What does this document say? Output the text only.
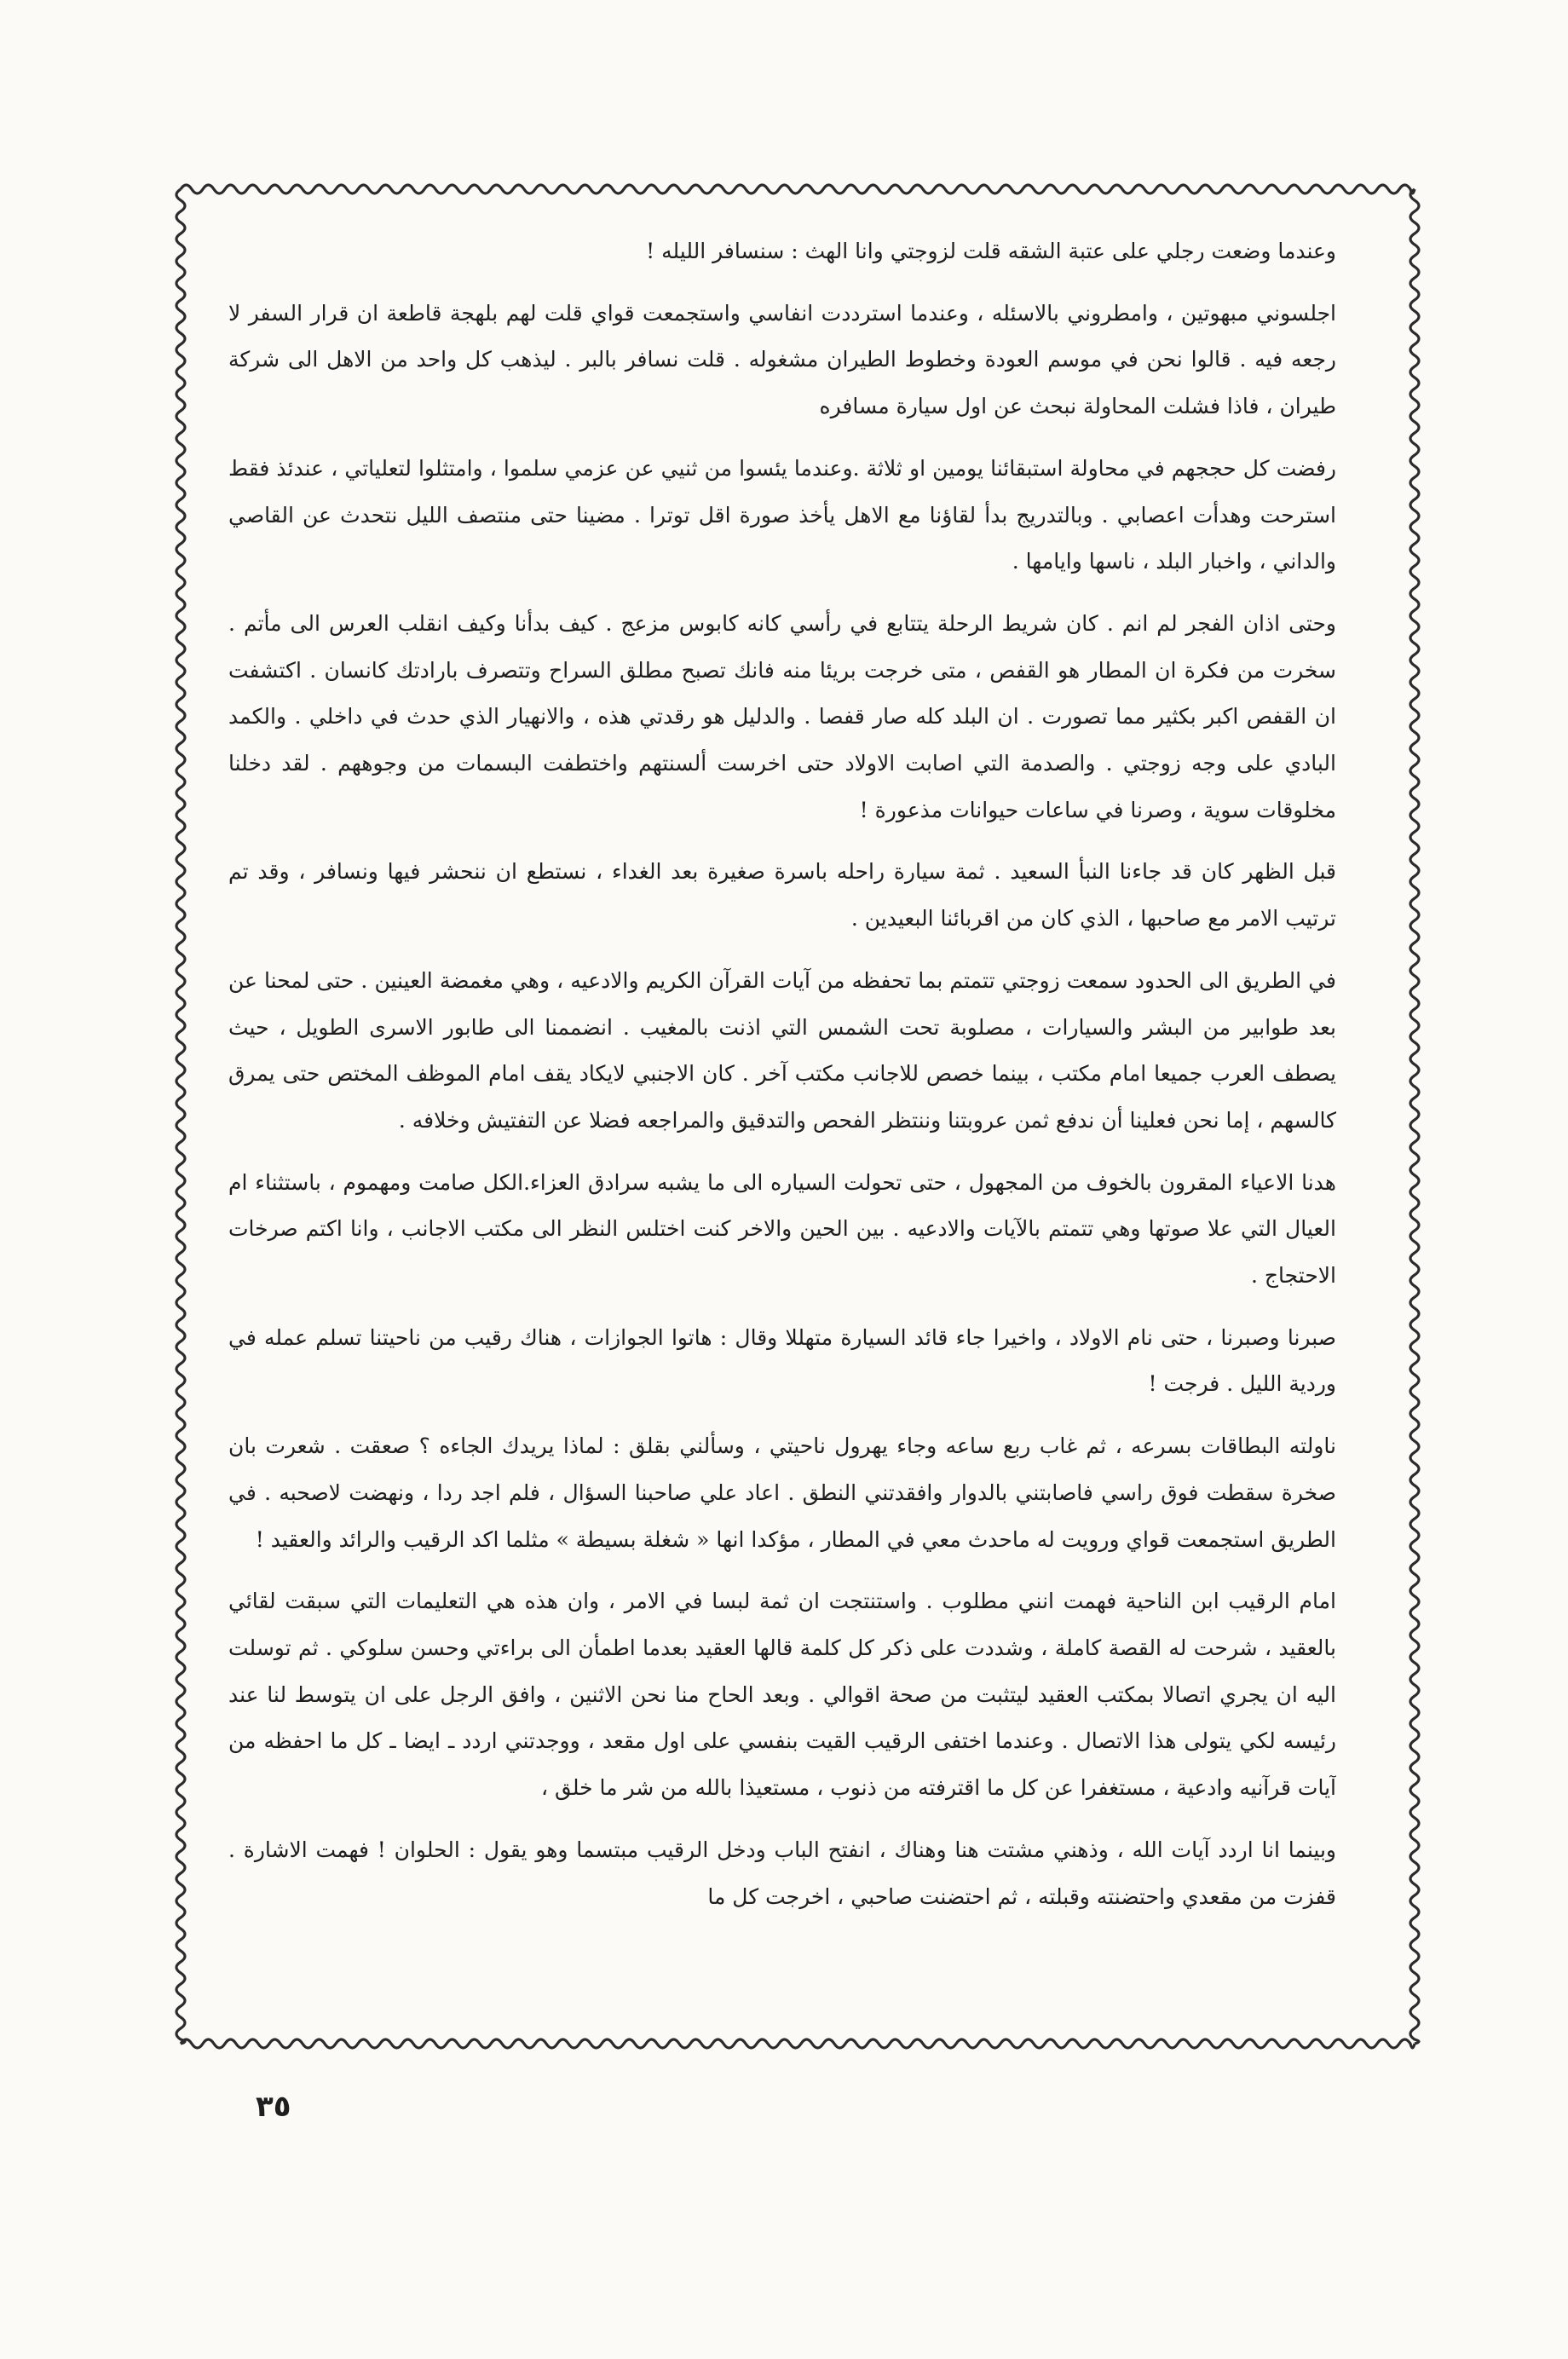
وعندما وضعت رجلي على عتبة الشقه قلت لزوجتي وانا الهث : سنسافر الليله !

اجلسوني مبهوتين ، وامطروني بالاسئله ، وعندما استرددت انفاسي واستجمعت قواي قلت لهم بلهجة قاطعة ان قرار السفر لا رجعه فيه . قالوا نحن في موسم العودة وخطوط الطيران مشغوله . قلت نسافر بالبر . ليذهب كل واحد من الاهل الى شركة طيران ، فاذا فشلت المحاولة نبحث عن اول سيارة مسافره

رفضت كل حججهم في محاولة استبقائنا يومين او ثلاثة .وعندما يئسوا من ثنيي عن عزمي سلموا ، وامتثلوا لتعلياتي ، عندئذ فقط استرحت وهدأت اعصابي . وبالتدريج بدأ لقاؤنا مع الاهل يأخذ صورة اقل توترا . مضينا حتى منتصف الليل نتحدث عن القاصي والداني ، واخبار البلد ، ناسها وايامها .

وحتى اذان الفجر لم انم . كان شريط الرحلة يتتابع في رأسي كانه كابوس مزعج . كيف بدأنا وكيف انقلب العرس الى مأتم . سخرت من فكرة ان المطار هو القفص ، متى خرجت بريئا منه فانك تصبح مطلق السراح وتتصرف بارادتك كانسان . اكتشفت ان القفص اكبر بكثير مما تصورت . ان البلد كله صار قفصا . والدليل هو رقدتي هذه ، والانهيار الذي حدث في داخلي . والكمد البادي على وجه زوجتي . والصدمة التي اصابت الاولاد حتى اخرست ألسنتهم واختطفت البسمات من وجوههم . لقد دخلنا مخلوقات سوية ، وصرنا في ساعات حيوانات مذعورة !

قبل الظهر كان قد جاءنا النبأ السعيد . ثمة سيارة راحله باسرة صغيرة بعد الغداء ، نستطع ان ننحشر فيها ونسافر ، وقد تم ترتيب الامر مع صاحبها ، الذي كان من اقربائنا البعيدين .

في الطريق الى الحدود سمعت زوجتي تتمتم بما تحفظه من آيات القرآن الكريم والادعيه ، وهي مغمضة العينين . حتى لمحنا عن بعد طوابير من البشر والسيارات ، مصلوبة تحت الشمس التي اذنت بالمغيب . انضممنا الى طابور الاسرى الطويل ، حيث يصطف العرب جميعا امام مكتب ، بينما خصص للاجانب مكتب آخر . كان الاجنبي لايكاد يقف امام الموظف المختص حتى يمرق كالسهم ، إما نحن فعلينا أن ندفع ثمن عروبتنا وننتظر الفحص والتدقيق والمراجعه فضلا عن التفتيش وخلافه .

هدنا الاعياء المقرون بالخوف من المجهول ، حتى تحولت السياره الى ما يشبه سرادق العزاء.الكل صامت ومهموم ، باستثناء ام العيال التي علا صوتها وهي تتمتم بالآيات والادعيه . بين الحين والاخر كنت اختلس النظر الى مكتب الاجانب ، وانا اكتم صرخات الاحتجاج .

صبرنا وصبرنا ، حتى نام الاولاد ، واخيرا جاء قائد السيارة متهللا وقال : هاتوا الجوازات ، هناك رقيب من ناحيتنا تسلم عمله في وردية الليل . فرجت !

ناولته البطاقات بسرعه ، ثم غاب ربع ساعه وجاء يهرول ناحيتي ، وسألني بقلق : لماذا يريدك الجاءه ؟ صعقت . شعرت بان صخرة سقطت فوق راسي فاصابتني بالدوار وافقدتني النطق . اعاد علي صاحبنا السؤال ، فلم اجد ردا ، ونهضت لاصحبه . في الطريق استجمعت قواي ورويت له ماحدث معي في المطار ، مؤكدا انها « شغلة بسيطة » مثلما اكد الرقيب والرائد والعقيد !

امام الرقيب ابن الناحية فهمت انني مطلوب . واستنتجت ان ثمة لبسا في الامر ، وان هذه هي التعليمات التي سبقت لقائي بالعقيد ، شرحت له القصة كاملة ، وشددت على ذكر كل كلمة قالها العقيد بعدما اطمأن الى براءتي وحسن سلوكي . ثم توسلت اليه ان يجري اتصالا بمكتب العقيد ليتثبت من صحة اقوالي . وبعد الحاح منا نحن الاثنين ، وافق الرجل على ان يتوسط لنا عند رئيسه لكي يتولى هذا الاتصال . وعندما اختفى الرقيب القيت بنفسي على اول مقعد ، ووجدتني اردد ـ ايضا ـ كل ما احفظه من آيات قرآنيه وادعية ، مستغفرا عن كل ما اقترفته من ذنوب ، مستعيذا بالله من شر ما خلق ،

وبينما انا اردد آيات الله ، وذهني مشتت هنا وهناك ، انفتح الباب ودخل الرقيب مبتسما وهو يقول : الحلوان ! فهمت الاشارة . قفزت من مقعدي واحتضنته وقبلته ، ثم احتضنت صاحبي ، اخرجت كل ما

٣٥
